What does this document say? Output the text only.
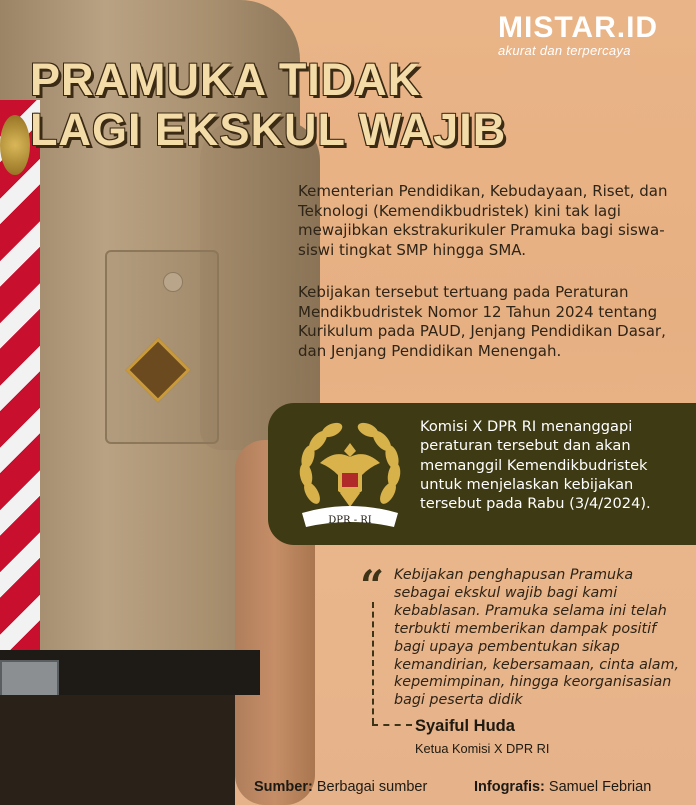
MISTAR.ID
akurat dan terpercaya
PRAMUKA TIDAK
LAGI EKSKUL WAJIB

Kementerian Pendidikan, Kebudayaan, Riset, dan Teknologi (Kemendikbudristek) kini tak lagi mewajibkan ekstrakurikuler Pramuka bagi siswa-siswi tingkat SMP hingga SMA.

Kebijakan tersebut tertuang pada Peraturan Mendikbudristek Nomor 12 Tahun 2024 tentang Kurikulum pada PAUD, Jenjang Pendidikan Dasar, dan Jenjang Pendidikan Menengah.

DPR - RI

Komisi X DPR RI menanggapi peraturan tersebut dan akan memanggil Kemendikbudristek untuk menjelaskan kebijakan tersebut pada Rabu (3/4/2024).

“ Kebijakan penghapusan Pramuka sebagai ekskul wajib bagi kami kebablasan. Pramuka selama ini telah terbukti memberikan dampak positif bagi upaya pembentukan sikap kemandirian, kebersamaan, cinta alam, kepemimpinan, hingga keorganisasian bagi peserta didik

Syaiful Huda

Ketua Komisi X DPR RI

Sumber: Berbagai sumber	Infografis: Samuel Febrian
